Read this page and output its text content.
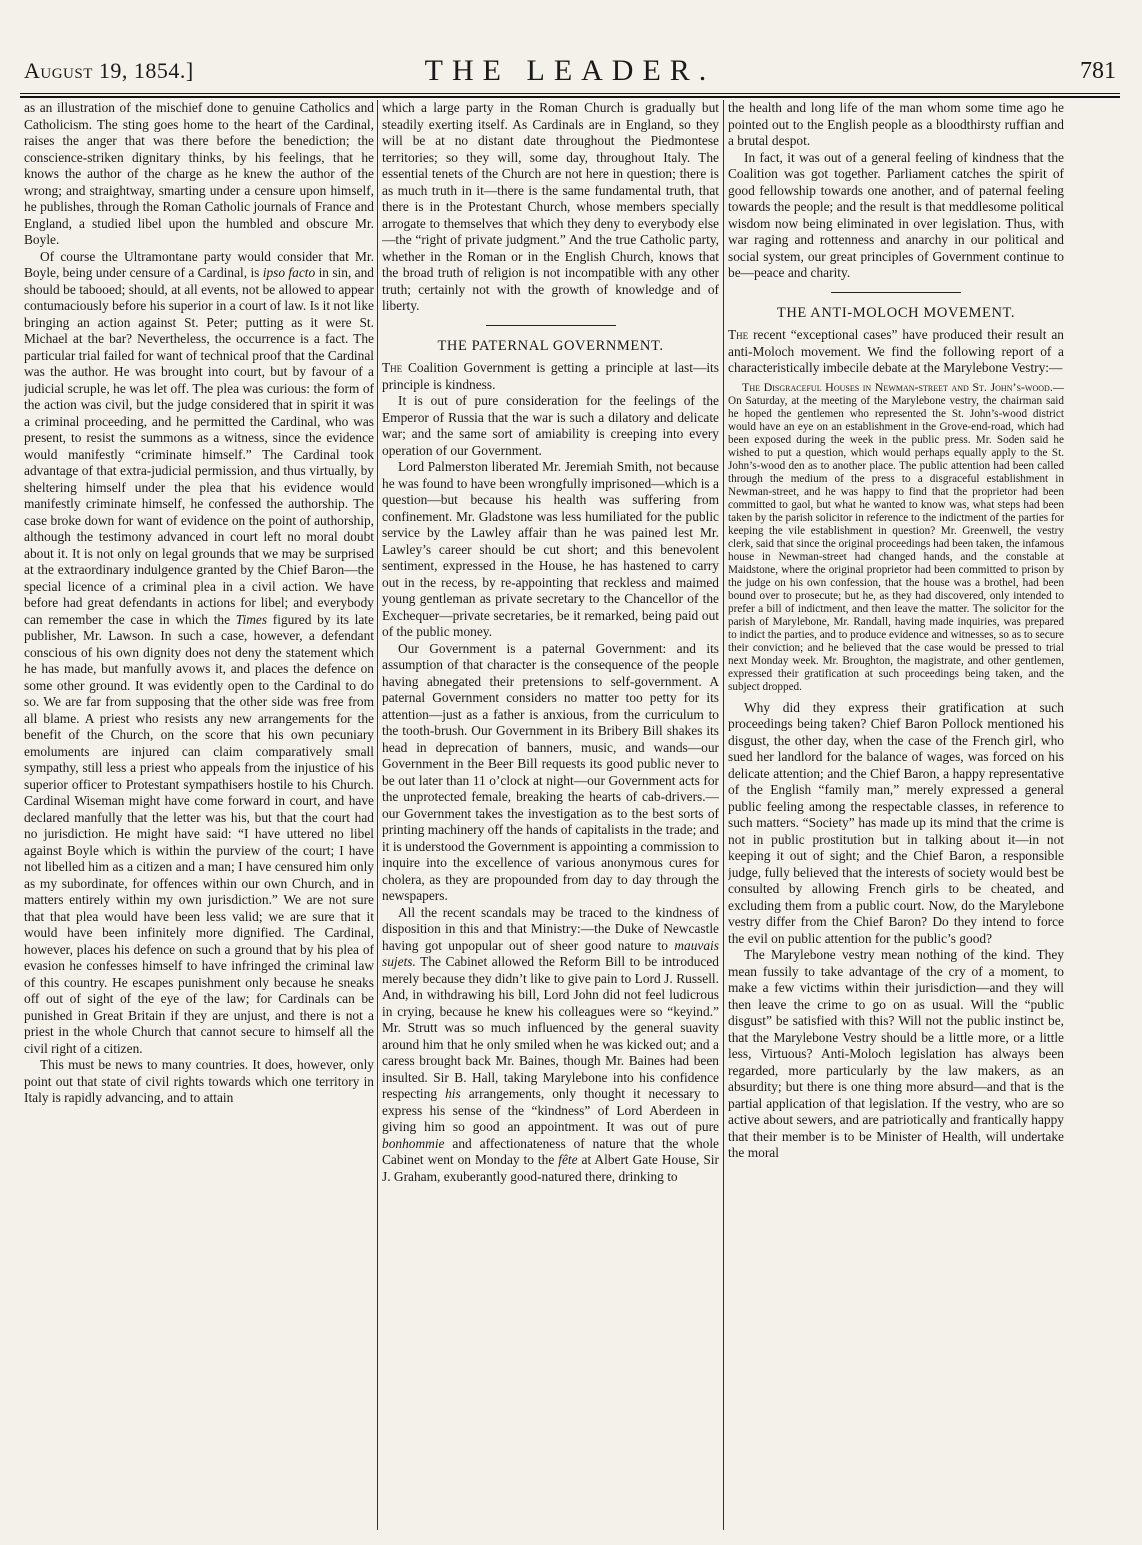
August 19, 1854.]	THE LEADER.	781

as an illustration of the mischief done to genuine Catholics and Catholicism. The sting goes home to the heart of the Cardinal, raises the anger that was there before the benediction; the conscience-striken dignitary thinks, by his feelings, that he knows the author of the charge as he knew the author of the wrong; and straightway, smarting under a censure upon himself, he publishes, through the Roman Catholic journals of France and England, a studied libel upon the humbled and obscure Mr. Boyle.

Of course the Ultramontane party would consider that Mr. Boyle, being under censure of a Cardinal, is ipso facto in sin, and should be tabooed; should, at all events, not be allowed to appear contumaciously before his superior in a court of law. Is it not like bringing an action against St. Peter; putting as it were St. Michael at the bar? Nevertheless, the occurrence is a fact. The particular trial failed for want of technical proof that the Cardinal was the author. He was brought into court, but by favour of a judicial scruple, he was let off. The plea was curious: the form of the action was civil, but the judge considered that in spirit it was a criminal proceeding, and he permitted the Cardinal, who was present, to resist the summons as a witness, since the evidence would manifestly “criminate himself.” The Cardinal took advantage of that extra-judicial permission, and thus virtually, by sheltering himself under the plea that his evidence would manifestly criminate himself, he confessed the authorship. The case broke down for want of evidence on the point of authorship, although the testimony advanced in court left no moral doubt about it. It is not only on legal grounds that we may be surprised at the extraordinary indulgence granted by the Chief Baron—the special licence of a criminal plea in a civil action. We have before had great defendants in actions for libel; and everybody can remember the case in which the Times figured by its late publisher, Mr. Lawson. In such a case, however, a defendant conscious of his own dignity does not deny the statement which he has made, but manfully avows it, and places the defence on some other ground. It was evidently open to the Cardinal to do so. We are far from supposing that the other side was free from all blame. A priest who resists any new arrangements for the benefit of the Church, on the score that his own pecuniary emoluments are injured can claim comparatively small sympathy, still less a priest who appeals from the injustice of his superior officer to Protestant sympathisers hostile to his Church. Cardinal Wiseman might have come forward in court, and have declared manfully that the letter was his, but that the court had no jurisdiction. He might have said: “I have uttered no libel against Boyle which is within the purview of the court; I have not libelled him as a citizen and a man; I have censured him only as my subordinate, for offences within our own Church, and in matters entirely within my own jurisdiction.” We are not sure that that plea would have been less valid; we are sure that it would have been infinitely more dignified. The Cardinal, however, places his defence on such a ground that by his plea of evasion he confesses himself to have infringed the criminal law of this country. He escapes punishment only because he sneaks off out of sight of the eye of the law; for Cardinals can be punished in Great Britain if they are unjust, and there is not a priest in the whole Church that cannot secure to himself all the civil right of a citizen.

This must be news to many countries. It does, however, only point out that state of civil rights towards which one territory in Italy is rapidly advancing, and to attain

which a large party in the Roman Church is gradually but steadily exerting itself. As Cardinals are in England, so they will be at no distant date throughout the Piedmontese territories; so they will, some day, throughout Italy. The essential tenets of the Church are not here in question; there is as much truth in it—there is the same fundamental truth, that there is in the Protestant Church, whose members specially arrogate to themselves that which they deny to everybody else—the “right of private judgment.” And the true Catholic party, whether in the Roman or in the English Church, knows that the broad truth of religion is not incompatible with any other truth; certainly not with the growth of knowledge and of liberty.

THE PATERNAL GOVERNMENT.

The Coalition Government is getting a principle at last—its principle is kindness.

It is out of pure consideration for the feelings of the Emperor of Russia that the war is such a dilatory and delicate war; and the same sort of amiability is creeping into every operation of our Government.

Lord Palmerston liberated Mr. Jeremiah Smith, not because he was found to have been wrongfully imprisoned—which is a question—but because his health was suffering from confinement. Mr. Gladstone was less humiliated for the public service by the Lawley affair than he was pained lest Mr. Lawley’s career should be cut short; and this benevolent sentiment, expressed in the House, he has hastened to carry out in the recess, by re-appointing that reckless and maimed young gentleman as private secretary to the Chancellor of the Exchequer—private secretaries, be it remarked, being paid out of the public money.

Our Government is a paternal Government: and its assumption of that character is the consequence of the people having abnegated their pretensions to self-government. A paternal Government considers no matter too petty for its attention—just as a father is anxious, from the curriculum to the tooth-brush. Our Government in its Bribery Bill shakes its head in deprecation of banners, music, and wands—our Government in the Beer Bill requests its good public never to be out later than 11 o’clock at night—our Government acts for the unprotected female, breaking the hearts of cab-drivers.— our Government takes the investigation as to the best sorts of printing machinery off the hands of capitalists in the trade; and it is understood the Government is appointing a commission to inquire into the excellence of various anonymous cures for cholera, as they are propounded from day to day through the newspapers.

All the recent scandals may be traced to the kindness of disposition in this and that Ministry:—the Duke of Newcastle having got unpopular out of sheer good nature to mauvais sujets. The Cabinet allowed the Reform Bill to be introduced merely because they didn’t like to give pain to Lord J. Russell. And, in withdrawing his bill, Lord John did not feel ludicrous in crying, because he knew his colleagues were so “keyind.” Mr. Strutt was so much influenced by the general suavity around him that he only smiled when he was kicked out; and a caress brought back Mr. Baines, though Mr. Baines had been insulted. Sir B. Hall, taking Marylebone into his confidence respecting his arrangements, only thought it necessary to express his sense of the “kindness” of Lord Aberdeen in giving him so good an appointment. It was out of pure bonhommie and affectionateness of nature that the whole Cabinet went on Monday to the fête at Albert Gate House, Sir J. Graham, exuberantly good-natured there, drinking to

the health and long life of the man whom some time ago he pointed out to the English people as a bloodthirsty ruffian and a brutal despot.

In fact, it was out of a general feeling of kindness that the Coalition was got together. Parliament catches the spirit of good fellowship towards one another, and of paternal feeling towards the people; and the result is that meddlesome political wisdom now being eliminated in over legislation. Thus, with war raging and rottenness and anarchy in our political and social system, our great principles of Government continue to be—peace and charity.

THE ANTI-MOLOCH MOVEMENT.

The recent “exceptional cases” have produced their result an anti-Moloch movement. We find the following report of a characteristically imbecile debate at the Marylebone Vestry:—

The Disgraceful Houses in Newman-street and St. John’s-wood.—On Saturday, at the meeting of the Marylebone vestry, the chairman said he hoped the gentlemen who represented the St. John’s-wood district would have an eye on an establishment in the Grove-end-road, which had been exposed during the week in the public press. Mr. Soden said he wished to put a question, which would perhaps equally apply to the St. John’s-wood den as to another place. The public attention had been called through the medium of the press to a disgraceful establishment in Newman-street, and he was happy to find that the proprietor had been committed to gaol, but what he wanted to know was, what steps had been taken by the parish solicitor in reference to the indictment of the parties for keeping the vile establishment in question? Mr. Greenwell, the vestry clerk, said that since the original proceedings had been taken, the infamous house in Newman-street had changed hands, and the constable at Maidstone, where the original proprietor had been committed to prison by the judge on his own confession, that the house was a brothel, had been bound over to prosecute; but he, as they had discovered, only intended to prefer a bill of indictment, and then leave the matter. The solicitor for the parish of Marylebone, Mr. Randall, having made inquiries, was prepared to indict the parties, and to produce evidence and witnesses, so as to secure their conviction; and he believed that the case would be pressed to trial next Monday week. Mr. Broughton, the magistrate, and other gentlemen, expressed their gratification at such proceedings being taken, and the subject dropped.

Why did they express their gratification at such proceedings being taken? Chief Baron Pollock mentioned his disgust, the other day, when the case of the French girl, who sued her landlord for the balance of wages, was forced on his delicate attention; and the Chief Baron, a happy representative of the English “family man,” merely expressed a general public feeling among the respectable classes, in reference to such matters. “Society” has made up its mind that the crime is not in public prostitution but in talking about it—in not keeping it out of sight; and the Chief Baron, a responsible judge, fully believed that the interests of society would best be consulted by allowing French girls to be cheated, and excluding them from a public court. Now, do the Marylebone vestry differ from the Chief Baron? Do they intend to force the evil on public attention for the public’s good?

The Marylebone vestry mean nothing of the kind. They mean fussily to take advantage of the cry of a moment, to make a few victims within their jurisdiction—and they will then leave the crime to go on as usual. Will the “public disgust” be satisfied with this? Will not the public instinct be, that the Marylebone Vestry should be a little more, or a little less, Virtuous? Anti-Moloch legislation has always been regarded, more particularly by the law makers, as an absurdity; but there is one thing more absurd—and that is the partial application of that legislation. If the vestry, who are so active about sewers, and are patriotically and frantically happy that their member is to be Minister of Health, will undertake the moral
